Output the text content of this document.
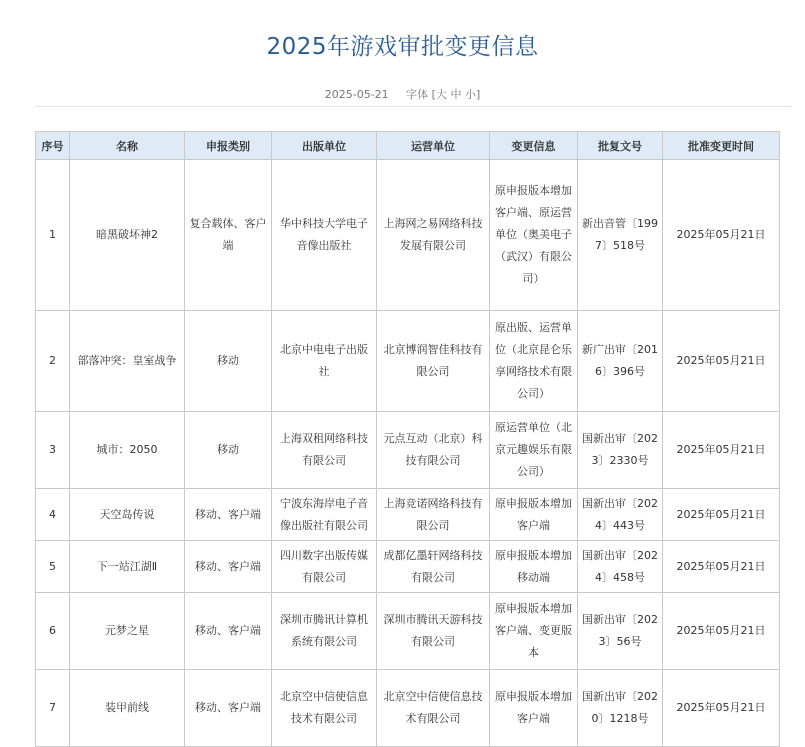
2025年游戏审批变更信息
2025-05-21 字体 [大 中 小]
序号	名称	申报类别	出版单位	运营单位	变更信息	批复文号	批准变更时间
1	暗黑破坏神2	复合载体、客户端	华中科技大学电子音像出版社	上海网之易网络科技发展有限公司	原申报版本增加客户端、原运营单位（奥美电子（武汉）有限公司）	新出音管〔1997〕518号	2025年05月21日
2	部落冲突：皇室战争	移动	北京中电电子出版社	北京博润智佳科技有限公司	原出版、运营单位（北京昆仑乐享网络技术有限公司）	新广出审〔2016〕396号	2025年05月21日
3	城市：2050	移动	上海双租网络科技有限公司	元点互动（北京）科技有限公司	原运营单位（北京元趣娱乐有限公司）	国新出审〔2023〕2330号	2025年05月21日
4	天空岛传说	移动、客户端	宁波东海岸电子音像出版社有限公司	上海竞诺网络科技有限公司	原申报版本增加客户端	国新出审〔2024〕443号	2025年05月21日
5	下一站江湖Ⅱ	移动、客户端	四川数字出版传媒有限公司	成都亿墨轩网络科技有限公司	原申报版本增加移动端	国新出审〔2024〕458号	2025年05月21日
6	元梦之星	移动、客户端	深圳市腾讯计算机系统有限公司	深圳市腾讯天游科技有限公司	原申报版本增加客户端、变更版本	国新出审〔2023〕56号	2025年05月21日
7	装甲前线	移动、客户端	北京空中信使信息技术有限公司	北京空中信使信息技术有限公司	原申报版本增加客户端	国新出审〔2020〕1218号	2025年05月21日
